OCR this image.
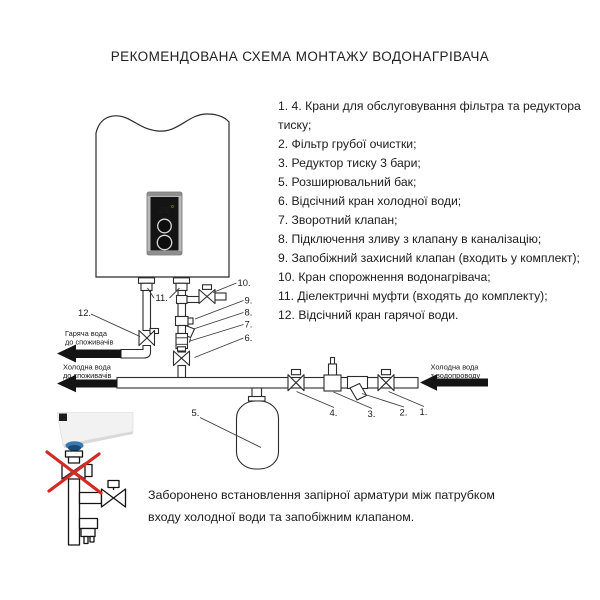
26
Гаряча вода
до споживачів
Холодна вода
до споживачів
Холодна вода
з водопроводу
12.
11.
10.
9.
8.
7.
6.
5.	4.	3.	2. 1.
РЕКОМЕНДОВАНА СХЕМА МОНТАЖУ ВОДОНАГРІВАЧА
1. 4. Крани для обслуговування фільтра та редуктора тиску;
2. Фільтр грубої очистки;
3. Редуктор тиску 3 бари;
5. Розширювальний бак;
6. Відсічний кран холодної води;
7. Зворотний клапан;
8. Підключення зливу з клапану в каналізацію;
9. Запобіжний захисний клапан (входить у комплект);
10. Кран спорожнення водонагрівача;
11. Діелектричні муфти (входять до комплекту);
12. Відсічний кран гарячої води.
Заборонено встановлення запірної арматури між патрубком
входу холодної води та запобіжним клапаном.
